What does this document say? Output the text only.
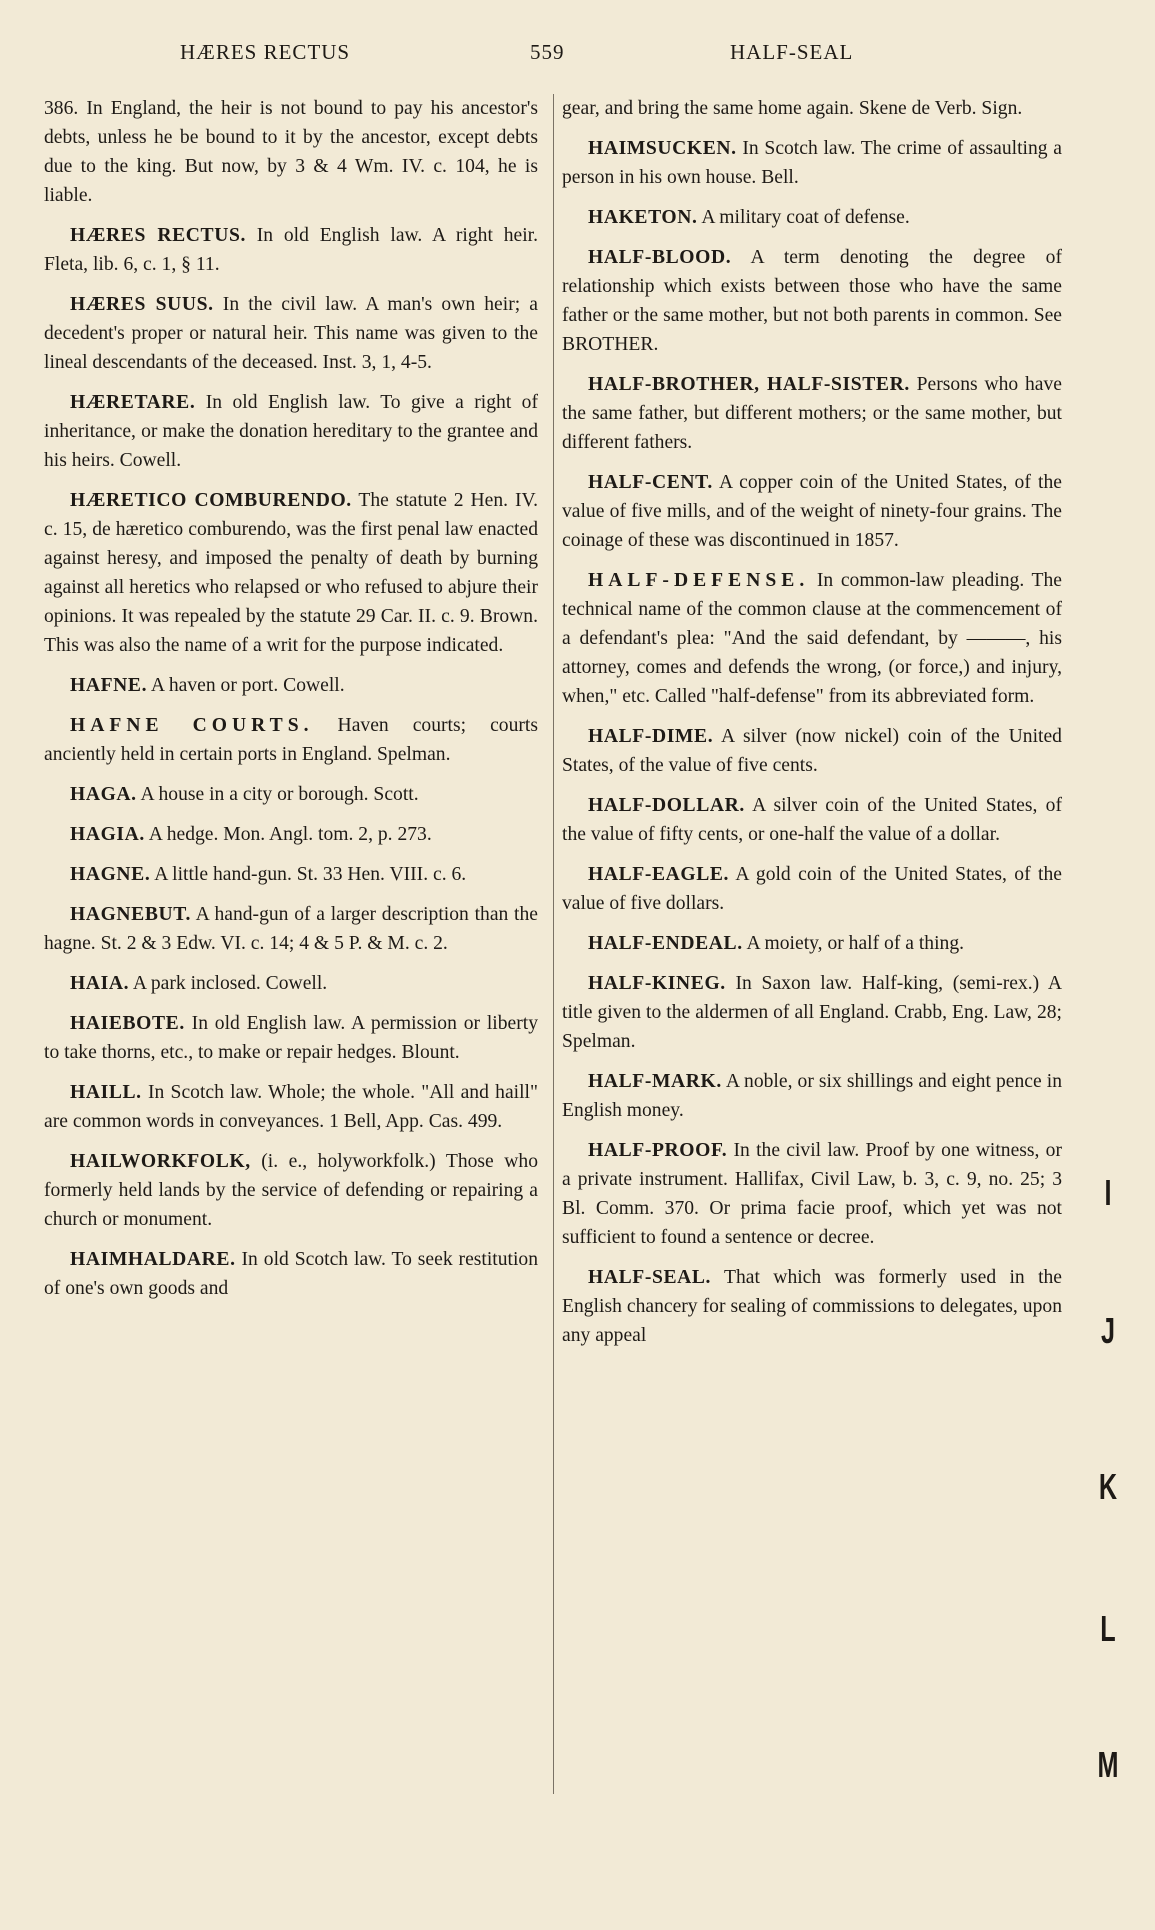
HÆRES RECTUS	559	HALF-SEAL

386. In England, the heir is not bound to pay his ancestor's debts, unless he be bound to it by the ancestor, except debts due to the king. But now, by 3 & 4 Wm. IV. c. 104, he is liable.

HÆRES RECTUS. In old English law. A right heir. Fleta, lib. 6, c. 1, § 11.

HÆRES SUUS. In the civil law. A man's own heir; a decedent's proper or natural heir. This name was given to the lineal descendants of the deceased. Inst. 3, 1, 4-5.

HÆRETARE. In old English law. To give a right of inheritance, or make the donation hereditary to the grantee and his heirs. Cowell.

HÆRETICO COMBURENDO. The statute 2 Hen. IV. c. 15, de hæretico comburendo, was the first penal law enacted against heresy, and imposed the penalty of death by burning against all heretics who relapsed or who refused to abjure their opinions. It was repealed by the statute 29 Car. II. c. 9. Brown. This was also the name of a writ for the purpose indicated.

HAFNE. A haven or port. Cowell.

HAFNE COURTS. Haven courts; courts anciently held in certain ports in England. Spelman.

HAGA. A house in a city or borough. Scott.

HAGIA. A hedge. Mon. Angl. tom. 2, p. 273.

HAGNE. A little hand-gun. St. 33 Hen. VIII. c. 6.

HAGNEBUT. A hand-gun of a larger description than the hagne. St. 2 & 3 Edw. VI. c. 14; 4 & 5 P. & M. c. 2.

HAIA. A park inclosed. Cowell.

HAIEBOTE. In old English law. A permission or liberty to take thorns, etc., to make or repair hedges. Blount.

HAILL. In Scotch law. Whole; the whole. "All and haill" are common words in conveyances. 1 Bell, App. Cas. 499.

HAILWORKFOLK, (i. e., holyworkfolk.) Those who formerly held lands by the service of defending or repairing a church or monument.

HAIMHALDARE. In old Scotch law. To seek restitution of one's own goods and

gear, and bring the same home again. Skene de Verb. Sign.

HAIMSUCKEN. In Scotch law. The crime of assaulting a person in his own house. Bell.

HAKETON. A military coat of defense.

HALF-BLOOD. A term denoting the degree of relationship which exists between those who have the same father or the same mother, but not both parents in common. See BROTHER.

HALF-BROTHER, HALF-SISTER. Persons who have the same father, but different mothers; or the same mother, but different fathers.

HALF-CENT. A copper coin of the United States, of the value of five mills, and of the weight of ninety-four grains. The coinage of these was discontinued in 1857.

HALF-DEFENSE. In common-law pleading. The technical name of the common clause at the commencement of a defendant's plea: "And the said defendant, by ———, his attorney, comes and defends the wrong, (or force,) and injury, when," etc. Called "half-defense" from its abbreviated form.

HALF-DIME. A silver (now nickel) coin of the United States, of the value of five cents.

HALF-DOLLAR. A silver coin of the United States, of the value of fifty cents, or one-half the value of a dollar.

HALF-EAGLE. A gold coin of the United States, of the value of five dollars.

HALF-ENDEAL. A moiety, or half of a thing.

HALF-KINEG. In Saxon law. Half-king, (semi-rex.) A title given to the aldermen of all England. Crabb, Eng. Law, 28; Spelman.

HALF-MARK. A noble, or six shillings and eight pence in English money.

HALF-PROOF. In the civil law. Proof by one witness, or a private instrument. Hallifax, Civil Law, b. 3, c. 9, no. 25; 3 Bl. Comm. 370. Or prima facie proof, which yet was not sufficient to found a sentence or decree.

HALF-SEAL. That which was formerly used in the English chancery for sealing of commissions to delegates, upon any appeal

I
J
K
L
M
